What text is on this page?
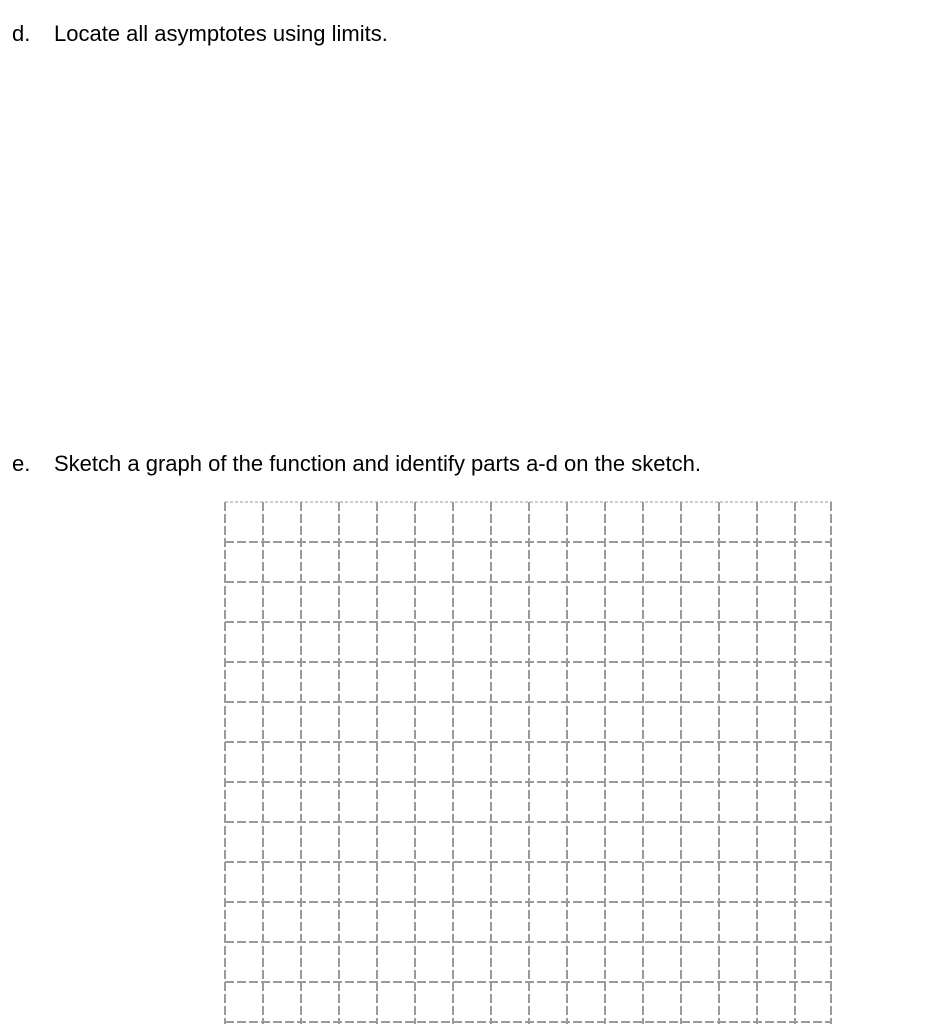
d. Locate all asymptotes using limits.

e. Sketch a graph of the function and identify parts a-d on the sketch.
